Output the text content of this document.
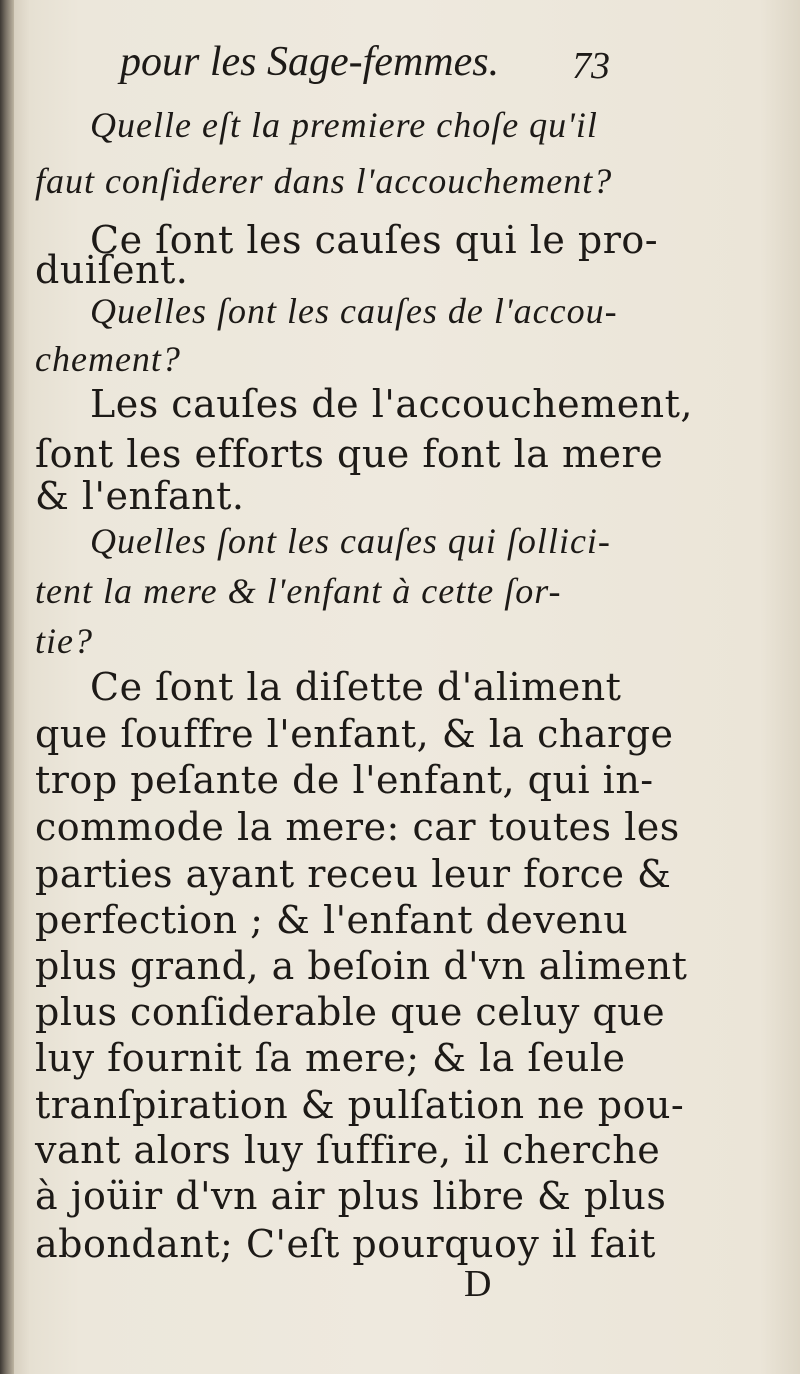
pour les Sage-femmes. 73
Quelle eſt la premiere choſe qu'il
faut conſiderer dans l'accouchement?
Ce ſont les cauſes qui le pro-
duiſent.
Quelles ſont les cauſes de l'accou-
chement?
Les cauſes de l'accouchement,
ſont les efforts que font la mere
& l'enfant.
Quelles ſont les cauſes qui ſollici-
tent la mere & l'enfant à cette ſor-
tie?
Ce ſont la diſette d'aliment
que ſouffre l'enfant, & la charge
trop peſante de l'enfant, qui in-
commode la mere: car toutes les
parties ayant receu leur force &
perfection ; & l'enfant devenu
plus grand, a beſoin d'vn aliment
plus conſiderable que celuy que
luy fournit ſa mere; & la ſeule
tranſpiration & pulſation ne pou-
vant alors luy ſuffire, il cherche
à joüir d'vn air plus libre & plus
abondant; C'eſt pourquoy il fait
D
